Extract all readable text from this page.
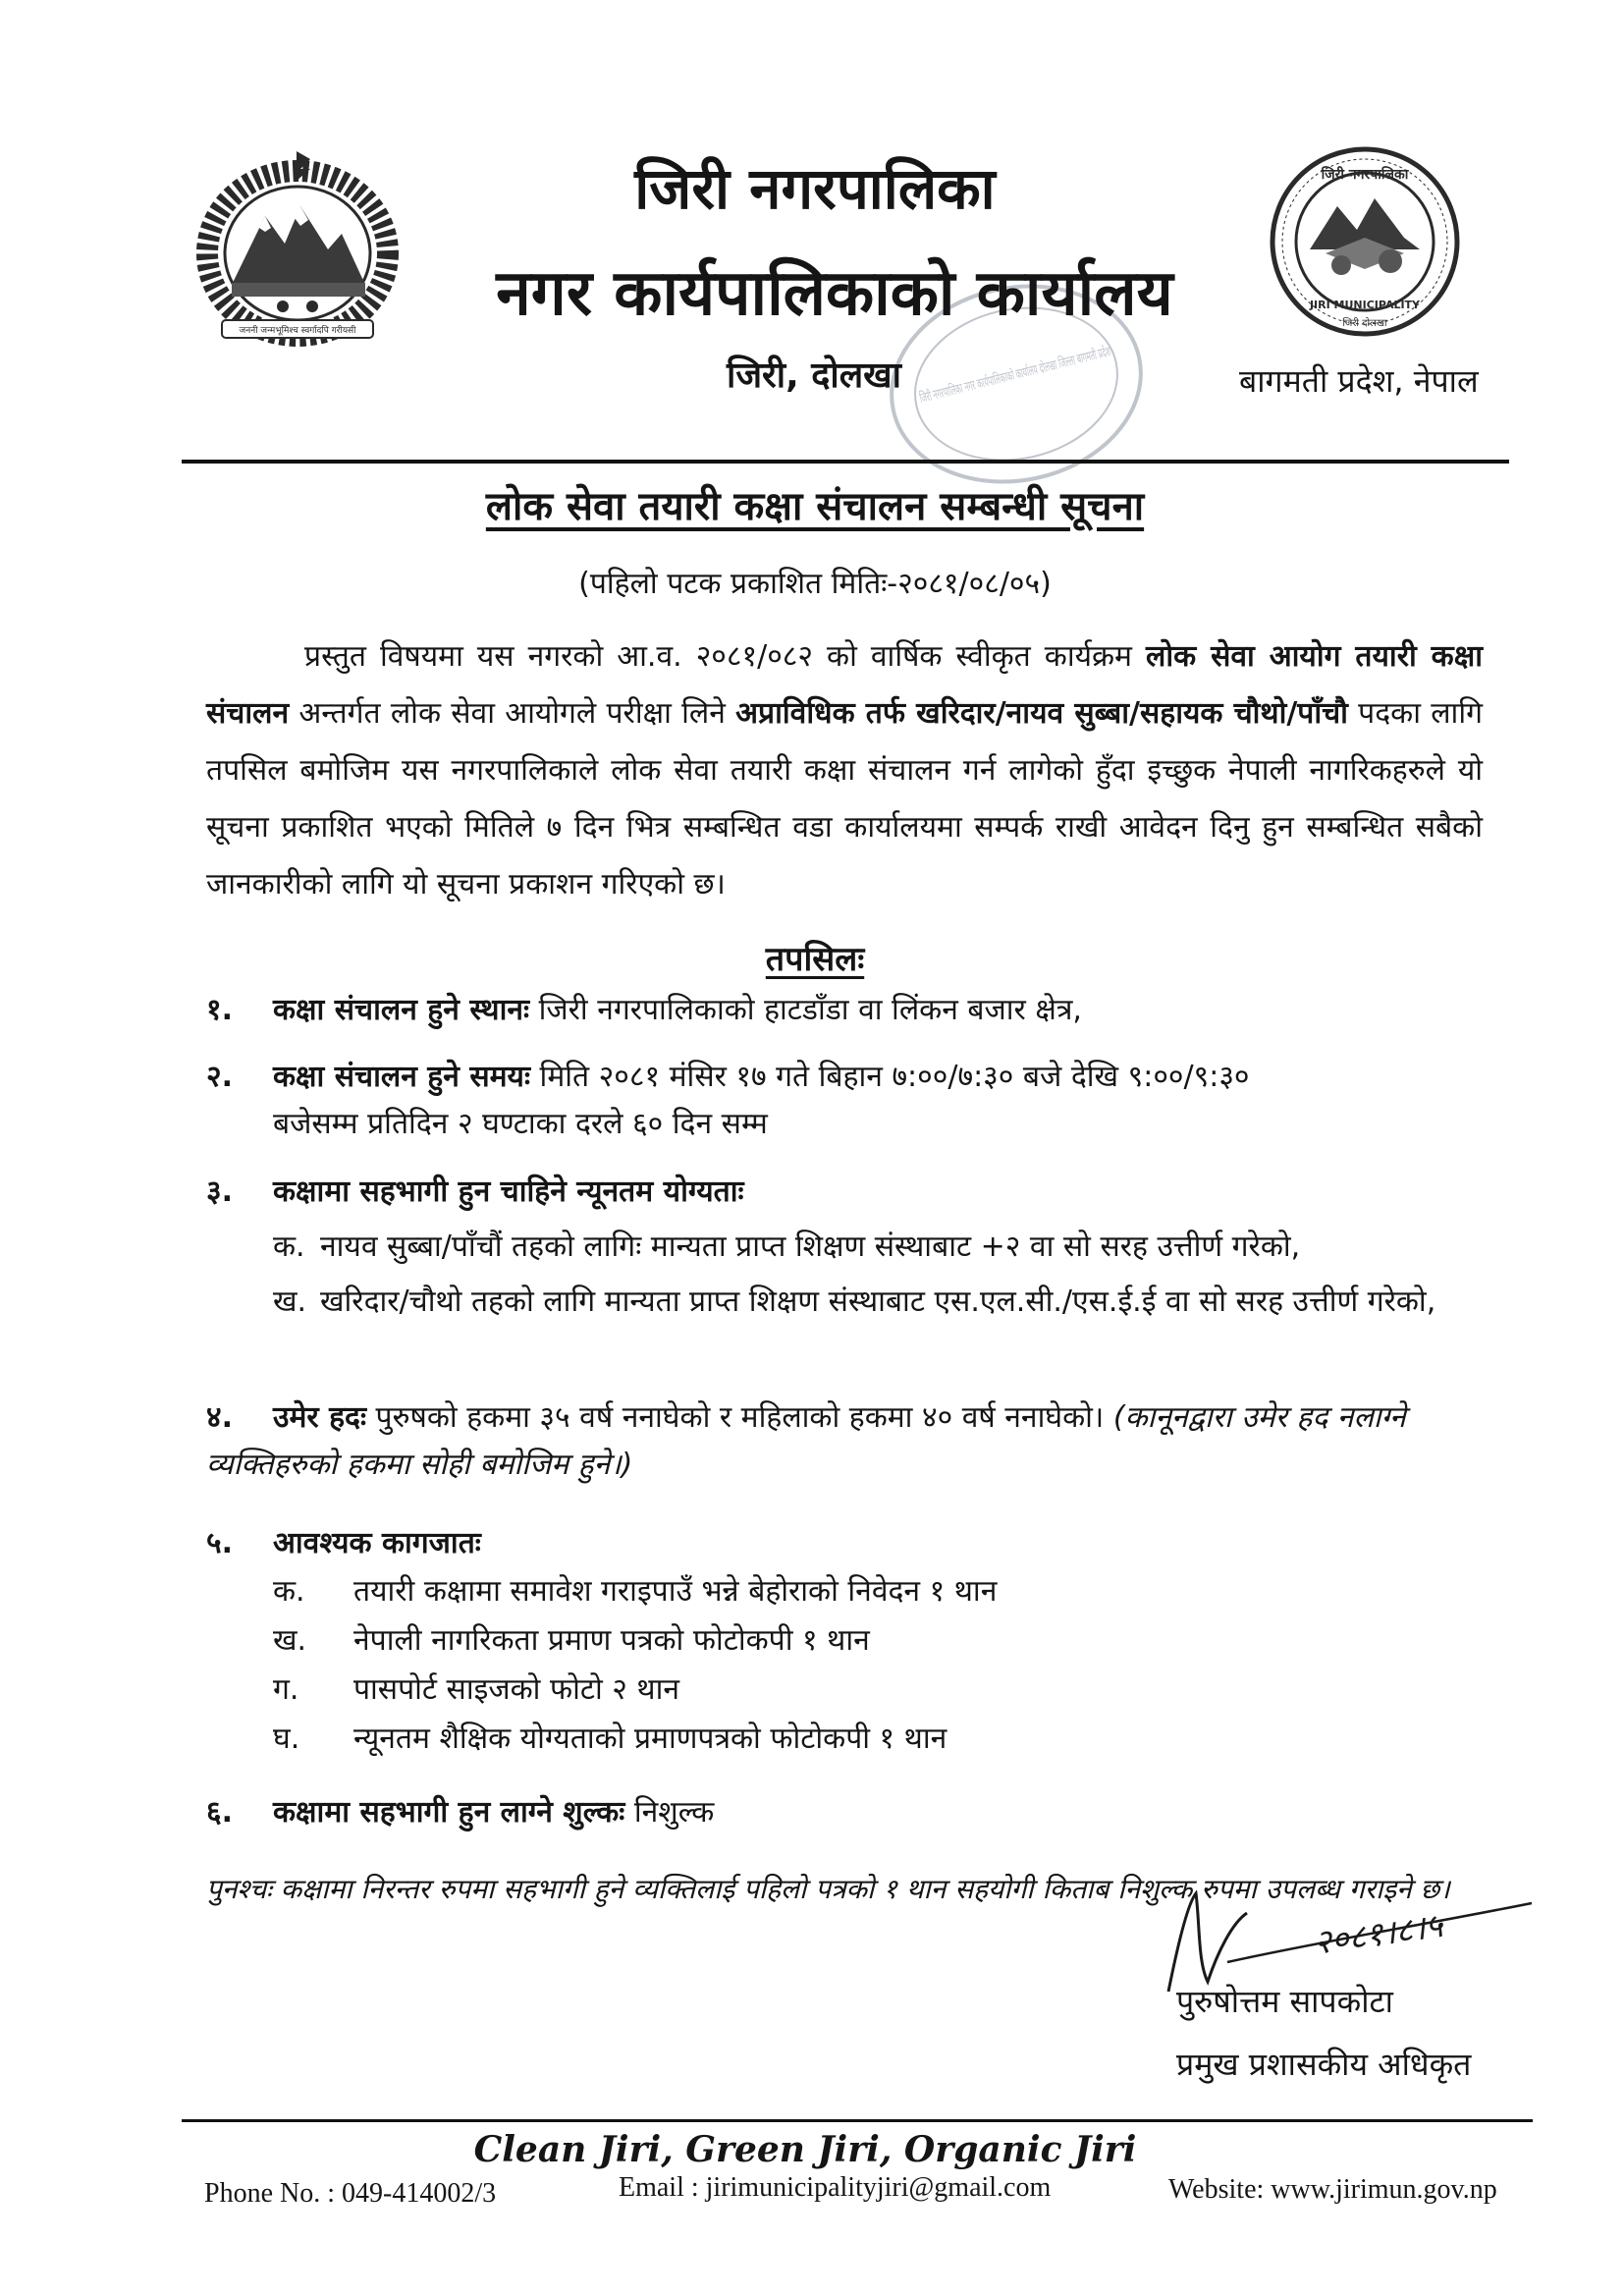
जननी जन्मभूमिश्च स्वर्गादपि गरीयसी
जिरी नगरपालिका
JIRI MUNICIPALITY
जिरी दोलखा
जिरी नगरपालिका नगर कार्यपालिकाको कार्यालय दोलखा जिल्ला बागमती प्रदेश
जिरी नगरपालिका
नगर कार्यपालिकाको कार्यालय
जिरी, दोलखा	बागमती प्रदेश, नेपाल
लोक सेवा तयारी कक्षा संचालन सम्बन्धी सूचना
(पहिलो पटक प्रकाशित मितिः-२०८१/०८/०५)
प्रस्तुत विषयमा यस नगरको आ.व. २०८१/०८२ को वार्षिक स्वीकृत कार्यक्रम लोक सेवा आयोग तयारी कक्षा संचालन अन्तर्गत लोक सेवा आयोगले परीक्षा लिने अप्राविधिक तर्फ खरिदार/नायव सुब्बा/सहायक चौथो/पाँचौ पदका लागि तपसिल बमोजिम यस नगरपालिकाले लोक सेवा तयारी कक्षा संचालन गर्न लागेको हुँदा इच्छुक नेपाली नागरिकहरुले यो सूचना प्रकाशित भएको मितिले ७ दिन भित्र सम्बन्धित वडा कार्यालयमा सम्पर्क राखी आवेदन दिनु हुन सम्बन्धित सबैको जानकारीको लागि यो सूचना प्रकाशन गरिएको छ।
तपसिलः
१. कक्षा संचालन हुने स्थानः जिरी नगरपालिकाको हाटडाँडा वा लिंकन बजार क्षेत्र,
२. कक्षा संचालन हुने समयः मिति २०८१ मंसिर १७ गते बिहान ७:००/७:३० बजे देखि ९:००/९:३०
बजेसम्म प्रतिदिन २ घण्टाका दरले ६० दिन सम्म
३. कक्षामा सहभागी हुन चाहिने न्यूनतम योग्यताः
क. नायव सुब्बा/पाँचौं तहको लागिः मान्यता प्राप्त शिक्षण संस्थाबाट +२ वा सो सरह उत्तीर्ण गरेको,
ख. खरिदार/चौथो तहको लागि मान्यता प्राप्त शिक्षण संस्थाबाट एस.एल.सी./एस.ई.ई वा सो सरह उत्तीर्ण गरेको,
४. उमेर हदः पुरुषको हकमा ३५ वर्ष ननाघेको र महिलाको हकमा ४० वर्ष ननाघेको। (कानूनद्वारा उमेर हद नलाग्ने व्यक्तिहरुको हकमा सोही बमोजिम हुने।)
५. आवश्यक कागजातः
क.	तयारी कक्षामा समावेश गराइपाउँ भन्ने बेहोराको निवेदन १ थान
ख.	नेपाली नागरिकता प्रमाण पत्रको फोटोकपी १ थान
ग.	पासपोर्ट साइजको फोटो २ थान
घ.	न्यूनतम शैक्षिक योग्यताको प्रमाणपत्रको फोटोकपी १ थान
६. कक्षामा सहभागी हुन लाग्ने शुल्कः निशुल्क
पुनश्चः कक्षामा निरन्तर रुपमा सहभागी हुने व्यक्तिलाई पहिलो पत्रको १ थान सहयोगी किताब निशुल्क रुपमा उपलब्ध गराइने छ।
२०८१।८।५
पुरुषोत्तम सापकोटा
प्रमुख प्रशासकीय अधिकृत
Clean Jiri, Green Jiri, Organic Jiri
Phone No. : 049-414002/3	Email : jirimunicipalityjiri@gmail.com	Website: www.jirimun.gov.np
